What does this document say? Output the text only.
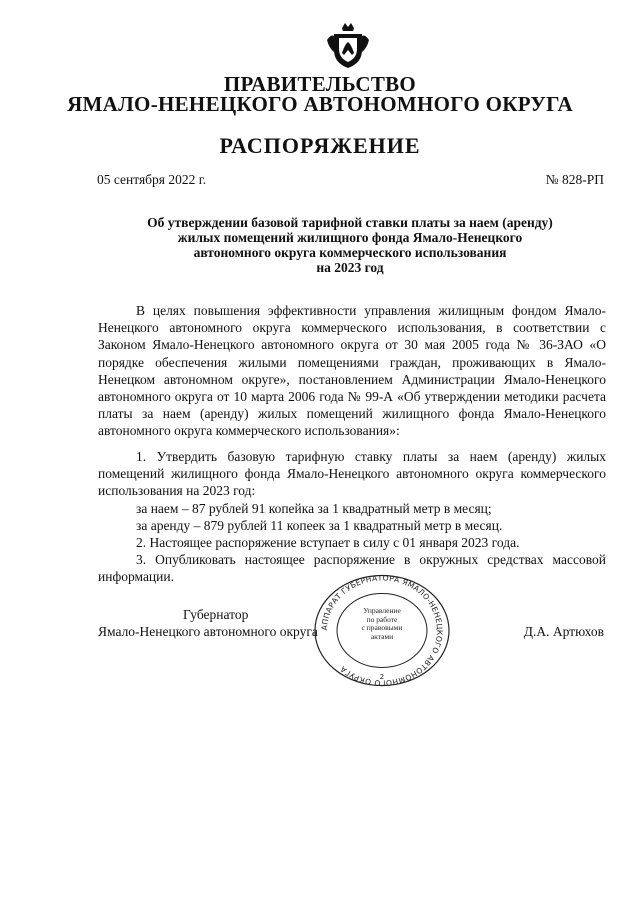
ПРАВИТЕЛЬСТВО
ЯМАЛО-НЕНЕЦКОГО АВТОНОМНОГО ОКРУГА
РАСПОРЯЖЕНИЕ
05 сентября 2022 г.	№ 828-РП
Об утверждении базовой тарифной ставки платы за наем (аренду)
жилых помещений жилищного фонда Ямало-Ненецкого
автономного округа коммерческого использования
на 2023 год

В целях повышения эффективности управления жилищным фондом Ямало-Ненецкого автономного округа коммерческого использования, в соответствии с Законом Ямало-Ненецкого автономного округа от 30 мая 2005 года № 36-ЗАО «О порядке обеспечения жилыми помещениями граждан, проживающих в Ямало-Ненецком автономном округе», постановлением Администрации Ямало-Ненецкого автономного округа от 10 марта 2006 года № 99-А «Об утверждении методики расчета платы за наем (аренду) жилых помещений жилищного фонда Ямало-Ненецкого автономного округа коммерческого использования»:

1. Утвердить базовую тарифную ставку платы за наем (аренду) жилых помещений жилищного фонда Ямало-Ненецкого автономного округа коммерческого использования на 2023 год:

за наем – 87 рублей 91 копейка за 1 квадратный метр в месяц;

за аренду – 879 рублей 11 копеек за 1 квадратный метр в месяц.

2. Настоящее распоряжение вступает в силу с 01 января 2023 года.

3. Опубликовать настоящее распоряжение в окружных средствах массовой информации.

Губернатор
Ямало-Ненецкого автономного округа	Д.А. Артюхов
АППАРАТ ГУБЕРНАТОРА ЯМАЛО-НЕНЕЦКОГО АВТОНОМНОГО ОКРУГА
2
Управление
по работе
с правовыми
актами
